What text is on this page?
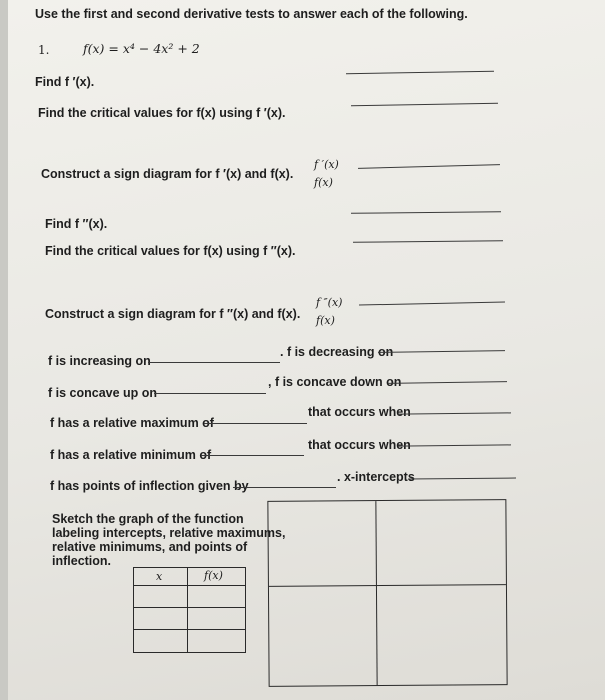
Use the first and second derivative tests to answer each of the following.
1.	f(x) = x⁴ − 4x² + 2
Find f ′(x).
Find the critical values for f(x) using f ′(x).
Construct a sign diagram for f ′(x) and f(x).
f ′(x)
f(x)
Find f ″(x).
Find the critical values for f(x) using f ″(x).
Construct a sign diagram for f ″(x) and f(x).
f ″(x)
f(x)
f is increasing on
. f is decreasing on
f is concave up on
, f is concave down on
f has a relative maximum of
that occurs when
f has a relative minimum of
that occurs when
f has points of inflection given by
. x-intercepts
Sketch the graph of the function
labeling intercepts, relative maximums,
relative minimums, and points of
inflection.
x	f(x)
